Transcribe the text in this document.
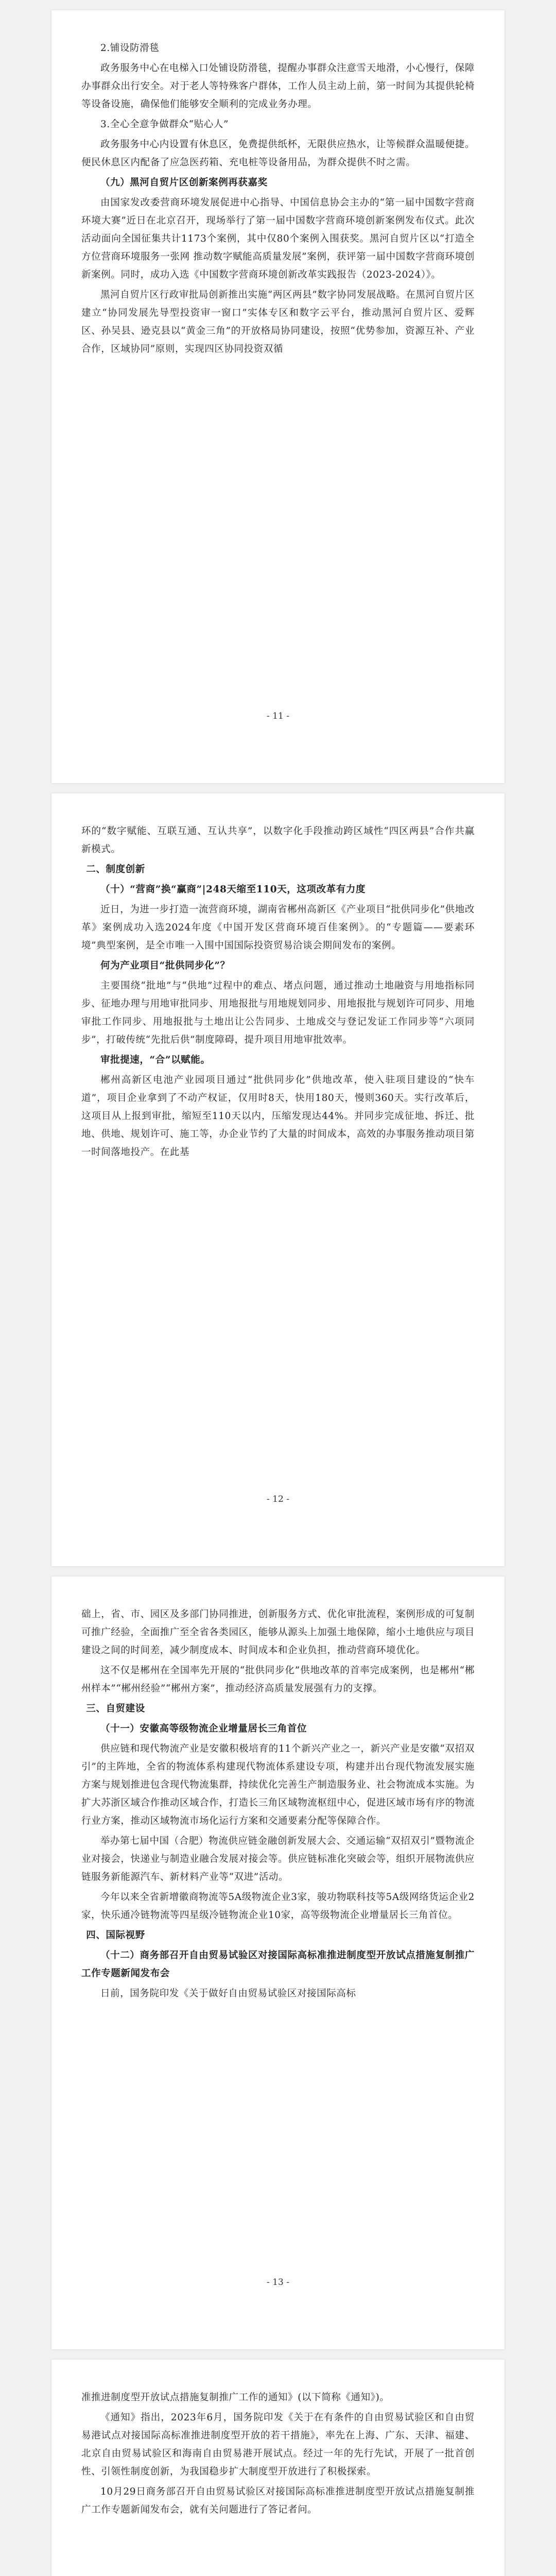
2.铺设防滑毯

政务服务中心在电梯入口处铺设防滑毯，提醒办事群众注意雪天地滑，小心慢行，保障办事群众出行安全。对于老人等特殊客户群体，工作人员主动上前，第一时间为其提供轮椅等设备设施，确保他们能够安全顺利的完成业务办理。

3.全心全意争做群众“贴心人”

政务服务中心内设置有休息区，免费提供纸杯，无限供应热水，让等候群众温暖便捷。便民休息区内配备了应急医药箱、充电桩等设备用品，为群众提供不时之需。

（九）黑河自贸片区创新案例再获嘉奖

由国家发改委营商环境发展促进中心指导、中国信息协会主办的“第一届中国数字营商环境大赛”近日在北京召开，现场举行了第一届中国数字营商环境创新案例发布仪式。此次活动面向全国征集共计1173个案例，其中仅80个案例入围获奖。黑河自贸片区以“打造全方位营商环境服务一张网 推动数字赋能高质量发展”案例，获评第一届中国数字营商环境创新案例。同时，成功入选《中国数字营商环境创新改革实践报告（2023-2024）》。

黑河自贸片区行政审批局创新推出实施“两区两县”数字协同发展战略。在黑河自贸片区建立“协同发展先导型投资审一窗口”实体专区和数字云平台，推动黑河自贸片区、爱辉区、孙吴县、逊克县以“黄金三角”的开放格局协同建设，按照“优势参加，资源互补、产业合作，区域协同”原则，实现四区协同投资双循

- 11 -

环的“数字赋能、互联互通、互认共享”，以数字化手段推动跨区域性“四区两县”合作共赢新模式。

二、制度创新

（十）“营商”换“赢商”|248天缩至110天，这项改革有力度

近日，为进一步打造一流营商环境，湖南省郴州高新区《产业项目“批供同步化”供地改革》案例成功入选2024年度《中国开发区营商环境百佳案例》。的“专题篇——要素环境”典型案例，是全市唯一入围中国国际投资贸易洽谈会期间发布的案例。

何为产业项目“批供同步化”？

主要围绕“批地”与“供地”过程中的难点、堵点问题，通过推动土地融资与用地指标同步、征地办理与用地审批同步、用地报批与用地规划同步、用地报批与规划许可同步、用地审批工作同步、用地报批与土地出让公告同步、土地成交与登记发证工作同步等“六项同步”，打破传统“先批后供”制度障碍，提升项目用地审批效率。

审批提速，“合”以赋能。

郴州高新区电池产业园项目通过“批供同步化”供地改革，使入驻项目建设的“快车道”，项目企业拿到了不动产权证，仅用时8天，快用180天，慢则360天。实行改革后，这项目从上报到审批，缩短至110天以内，压缩发现达44%。并同步完成征地、拆迁、批地、供地、规划许可、施工等，办企业节约了大量的时间成本，高效的办事服务推动项目第一时间落地投产。在此基

- 12 -

础上，省、市、园区及多部门协同推进，创新服务方式、优化审批流程，案例形成的可复制可推广经验，全面推广至全省各类园区，能够从源头上加强土地保障，缩小土地供应与项目建设之间的时间差，减少制度成本、时间成本和企业负担，推动营商环境优化。

这不仅是郴州在全国率先开展的“批供同步化”供地改革的首率完成案例，也是郴州“郴州样本”“郴州经验”“郴州方案”，推动经济高质量发展强有力的支撑。

三、自贸建设

（十一）安徽高等级物流企业增量居长三角首位

供应链和现代物流产业是安徽积极培育的11个新兴产业之一，新兴产业是安徽“双招双引”的主阵地，全省的物流体系构建现代物流体系建设专项，构建并出台现代物流发展实施方案与规划推进包含现代物流集群，持续优化完善生产制造服务业、社会物流成本实施。为扩大苏浙区域合作推动区域合作，打造长三角区域物流枢纽中心，促进区域市场有序的物流行业方案，推动区域物流市场化运行方案和交通要素分配等保障合作。

举办第七届中国（合肥）物流供应链金融创新发展大会、交通运输“双招双引”暨物流企业对接会，快递业与制造业融合发展对接会等。供应链标准化突破会等，组织开展物流供应链服务新能源汽车、新材料产业等“双进”活动。

今年以来全省新增徽商物流等5A级物流企业3家，骏功物联科技等5A级网络货运企业2家，快乐通冷链物流等四星级冷链物流企业10家，高等级物流企业增量居长三角首位。

四、国际视野

（十二）商务部召开自由贸易试验区对接国际高标准推进制度型开放试点措施复制推广工作专题新闻发布会

日前，国务院印发《关于做好自由贸易试验区对接国际高标

- 13 -

准推进制度型开放试点措施复制推广工作的通知》(以下简称《通知》)。

《通知》指出，2023年6月，国务院印发《关于在有条件的自由贸易试验区和自由贸易港试点对接国际高标准推进制度型开放的若干措施》，率先在上海、广东、天津、福建、北京自由贸易试验区和海南自由贸易港开展试点。经过一年的先行先试，开展了一批首创性、引领性制度创新，为我国稳步扩大制度型开放进行了积极探索。

10月29日商务部召开自由贸易试验区对接国际高标准推进制度型开放试点措施复制推广工作专题新闻发布会，就有关问题进行了答记者问。
